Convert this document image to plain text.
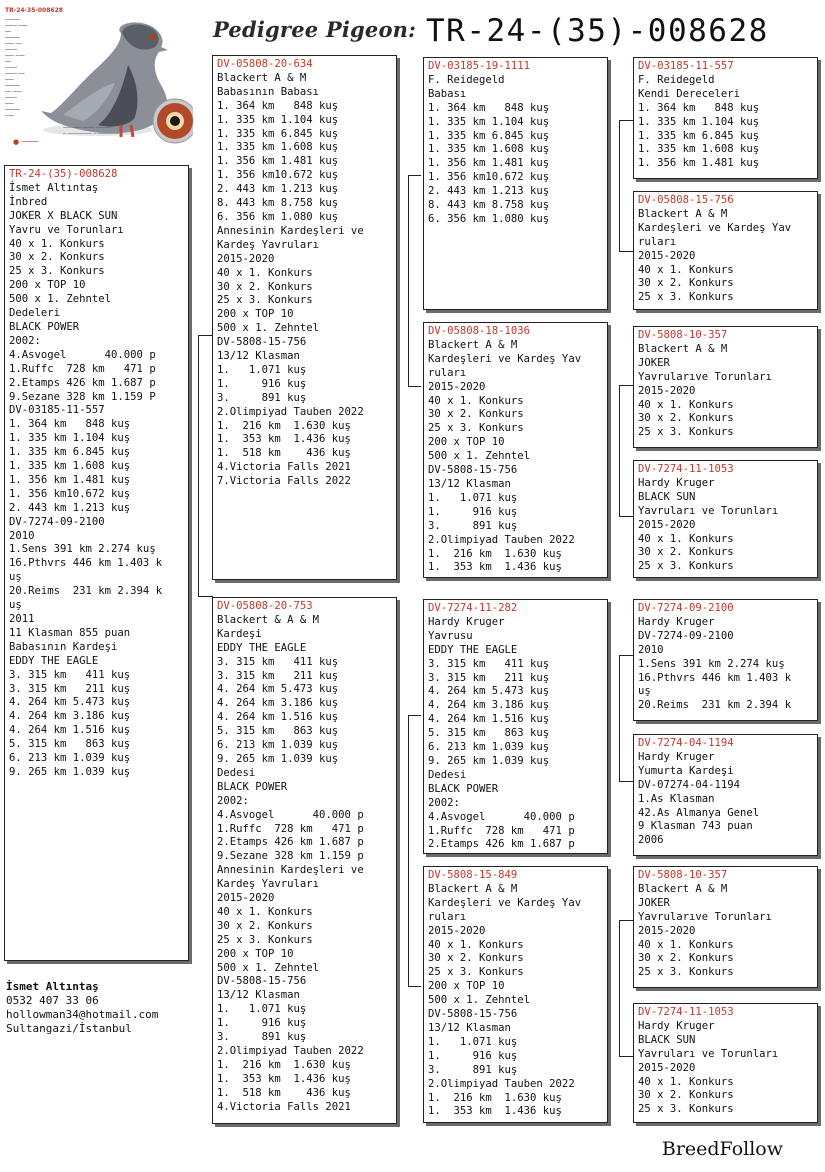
TR-24-35-008628
─────
──── ───
──
─────
─── ──
────
─── ───
──
────
──── ──
───
─────
── ───
────
───
─────
───
────── ──── ─────
─ ──────── ─ ───────
● ────
Pedigree Pigeon: TR-24-(35)-008628
TR-24-(35)-008628
İsmet Altıntaş
İnbred
JOKER X BLACK SUN
Yavru ve Torunları
40 x 1. Konkurs
30 x 2. Konkurs
25 x 3. Konkurs
200 x TOP 10
500 x 1. Zehntel
Dedeleri
BLACK POWER
2002:
4.Asvogel      40.000 p
1.Ruffc  728 km   471 p
2.Etamps 426 km 1.687 p
9.Sezane 328 km 1.159 P
DV-03185-11-557
1. 364 km   848 kuş
1. 335 km 1.104 kuş
1. 335 km 6.845 kuş
1. 335 km 1.608 kuş
1. 356 km 1.481 kuş
1. 356 km10.672 kuş
2. 443 km 1.213 kuş
DV-7274-09-2100
2010
1.Sens 391 km 2.274 kuş
16.Pthvrs 446 km 1.403 k
uş
20.Reims  231 km 2.394 k
uş
2011
11 Klasman 855 puan
Babasının Kardeşi
EDDY THE EAGLE
3. 315 km   411 kuş
3. 315 km   211 kuş
4. 264 km 5.473 kuş
4. 264 km 3.186 kuş
4. 264 km 1.516 kuş
5. 315 km   863 kuş
6. 213 km 1.039 kuş
9. 265 km 1.039 kuş
DV-05808-20-634
Blackert A & M
Babasının Babası
1. 364 km   848 kuş
1. 335 km 1.104 kuş
1. 335 km 6.845 kuş
1. 335 km 1.608 kuş
1. 356 km 1.481 kuş
1. 356 km10.672 kuş
2. 443 km 1.213 kuş
8. 443 km 8.758 kuş
6. 356 km 1.080 kuş
Annesinin Kardeşleri ve
Kardeş Yavruları
2015-2020
40 x 1. Konkurs
30 x 2. Konkurs
25 x 3. Konkurs
200 x TOP 10
500 x 1. Zehntel
DV-5808-15-756
13/12 Klasman
1.   1.071 kuş
1.     916 kuş
3.     891 kuş
2.Olimpiyad Tauben 2022
1.  216 km  1.630 kuş
1.  353 km  1.436 kuş
1.  518 km    436 kuş
4.Victoria Falls 2021
7.Victoria Falls 2022
DV-05808-20-753
Blackert & A & M
Kardeşi
EDDY THE EAGLE
3. 315 km   411 kuş
3. 315 km   211 kuş
4. 264 km 5.473 kuş
4. 264 km 3.186 kuş
4. 264 km 1.516 kuş
5. 315 km   863 kuş
6. 213 km 1.039 kuş
9. 265 km 1.039 kuş
Dedesi
BLACK POWER
2002:
4.Asvogel      40.000 p
1.Ruffc  728 km   471 p
2.Etamps 426 km 1.687 p
9.Sezane 328 km 1.159 p
Annesinin Kardeşleri ve
Kardeş Yavruları
2015-2020
40 x 1. Konkurs
30 x 2. Konkurs
25 x 3. Konkurs
200 x TOP 10
500 x 1. Zehntel
DV-5808-15-756
13/12 Klasman
1.   1.071 kuş
1.     916 kuş
3.     891 kuş
2.Olimpiyad Tauben 2022
1.  216 km  1.630 kuş
1.  353 km  1.436 kuş
1.  518 km    436 kuş
4.Victoria Falls 2021
DV-03185-19-1111
F. Reidegeld
Babası
1. 364 km   848 kuş
1. 335 km 1.104 kuş
1. 335 km 6.845 kuş
1. 335 km 1.608 kuş
1. 356 km 1.481 kuş
1. 356 km10.672 kuş
2. 443 km 1.213 kuş
8. 443 km 8.758 kuş
6. 356 km 1.080 kuş
DV-05808-18-1036
Blackert A & M
Kardeşleri ve Kardeş Yav
ruları
2015-2020
40 x 1. Konkurs
30 x 2. Konkurs
25 x 3. Konkurs
200 x TOP 10
500 x 1. Zehntel
DV-5808-15-756
13/12 Klasman
1.   1.071 kuş
1.     916 kuş
3.     891 kuş
2.Olimpiyad Tauben 2022
1.  216 km  1.630 kuş
1.  353 km  1.436 kuş
DV-7274-11-282
Hardy Kruger
Yavrusu
EDDY THE EAGLE
3. 315 km   411 kuş
3. 315 km   211 kuş
4. 264 km 5.473 kuş
4. 264 km 3.186 kuş
4. 264 km 1.516 kuş
5. 315 km   863 kuş
6. 213 km 1.039 kuş
9. 265 km 1.039 kuş
Dedesi
BLACK POWER
2002:
4.Asvogel      40.000 p
1.Ruffc  728 km   471 p
2.Etamps 426 km 1.687 p
DV-5808-15-849
Blackert A & M
Kardeşleri ve Kardeş Yav
ruları
2015-2020
40 x 1. Konkurs
30 x 2. Konkurs
25 x 3. Konkurs
200 x TOP 10
500 x 1. Zehntel
DV-5808-15-756
13/12 Klasman
1.   1.071 kuş
1.     916 kuş
3.     891 kuş
2.Olimpiyad Tauben 2022
1.  216 km  1.630 kuş
1.  353 km  1.436 kuş
DV-03185-11-557
F. Reidegeld
Kendi Dereceleri
1. 364 km   848 kuş
1. 335 km 1.104 kuş
1. 335 km 6.845 kuş
1. 335 km 1.608 kuş
1. 356 km 1.481 kuş
DV-05808-15-756
Blackert A & M
Kardeşleri ve Kardeş Yav
ruları
2015-2020
40 x 1. Konkurs
30 x 2. Konkurs
25 x 3. Konkurs
DV-5808-10-357
Blackert A & M
JOKER
Yavrularıve Torunları
2015-2020
40 x 1. Konkurs
30 x 2. Konkurs
25 x 3. Konkurs
DV-7274-11-1053
Hardy Kruger
BLACK SUN
Yavruları ve Torunları
2015-2020
40 x 1. Konkurs
30 x 2. Konkurs
25 x 3. Konkurs
DV-7274-09-2100
Hardy Kruger
DV-7274-09-2100
2010
1.Sens 391 km 2.274 kuş
16.Pthvrs 446 km 1.403 k
uş
20.Reims  231 km 2.394 k
DV-7274-04-1194
Hardy Kruger
Yumurta Kardeşi
DV-07274-04-1194
1.As Klasman
42.As Almanya Genel
9 Klasman 743 puan
2006
DV-5808-10-357
Blackert A & M
JOKER
Yavrularıve Torunları
2015-2020
40 x 1. Konkurs
30 x 2. Konkurs
25 x 3. Konkurs
DV-7274-11-1053
Hardy Kruger
BLACK SUN
Yavruları ve Torunları
2015-2020
40 x 1. Konkurs
30 x 2. Konkurs
25 x 3. Konkurs
İsmet Altıntaş
0532 407 33 06
hollowman34@hotmail.com
Sultangazi/İstanbul
BreedFollow
